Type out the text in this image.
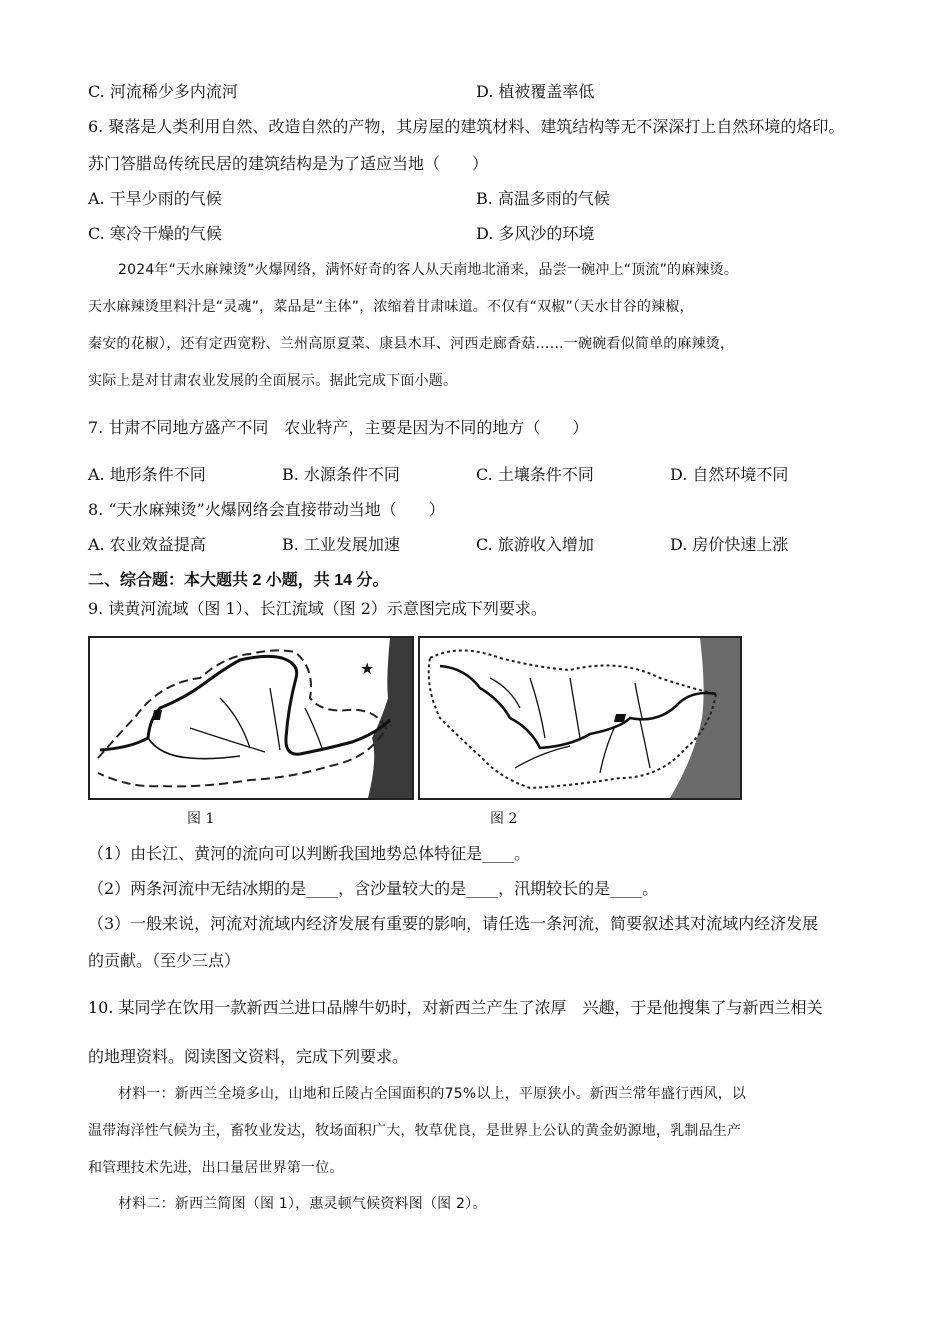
C. 河流稀少多内流河	D. 植被覆盖率低
6. 聚落是人类利用自然、改造自然的产物，其房屋的建筑材料、建筑结构等无不深深打上自然环境的烙印。
苏门答腊岛传统民居的建筑结构是为了适应当地（　　）
A. 干旱少雨的气候	B. 高温多雨的气候
C. 寒冷干燥的气候	D. 多风沙的环境
2024年“天水麻辣烫”火爆网络，满怀好奇的客人从天南地北涌来，品尝一碗冲上“顶流”的麻辣烫。
天水麻辣烫里料汁是“灵魂”，菜品是“主体”，浓缩着甘肃味道。不仅有“双椒”（天水甘谷的辣椒，
秦安的花椒），还有定西宽粉、兰州高原夏菜、康县木耳、河西走廊香菇……一碗碗看似简单的麻辣烫，
实际上是对甘肃农业发展的全面展示。据此完成下面小题。
7. 甘肃不同地方盛产不同　农业特产，主要是因为不同的地方（　　）
A. 地形条件不同	B. 水源条件不同	C. 土壤条件不同	D. 自然环境不同
8. “天水麻辣烫”火爆网络会直接带动当地（　　）
A. 农业效益提高	B. 工业发展加速	C. 旅游收入增加	D. 房价快速上涨
二、综合题：本大题共 2 小题，共 14 分。
9. 读黄河流域（图 1）、长江流域（图 2）示意图完成下列要求。
★
图 1	图 2
（1）由长江、黄河的流向可以判断我国地势总体特征是____。
（2）两条河流中无结冰期的是____，含沙量较大的是____，汛期较长的是____。
（3）一般来说，河流对流域内经济发展有重要的影响，请任选一条河流，简要叙述其对流域内经济发展
的贡献。（至少三点）
10. 某同学在饮用一款新西兰进口品牌牛奶时，对新西兰产生了浓厚　兴趣，于是他搜集了与新西兰相关
的地理资料。阅读图文资料，完成下列要求。
材料一：新西兰全境多山，山地和丘陵占全国面积的75%以上，平原狭小。新西兰常年盛行西风，以
温带海洋性气候为主，畜牧业发达，牧场面积广大，牧草优良，是世界上公认的黄金奶源地，乳制品生产
和管理技术先进，出口量居世界第一位。
材料二：新西兰简图（图 1），惠灵顿气候资料图（图 2）。
